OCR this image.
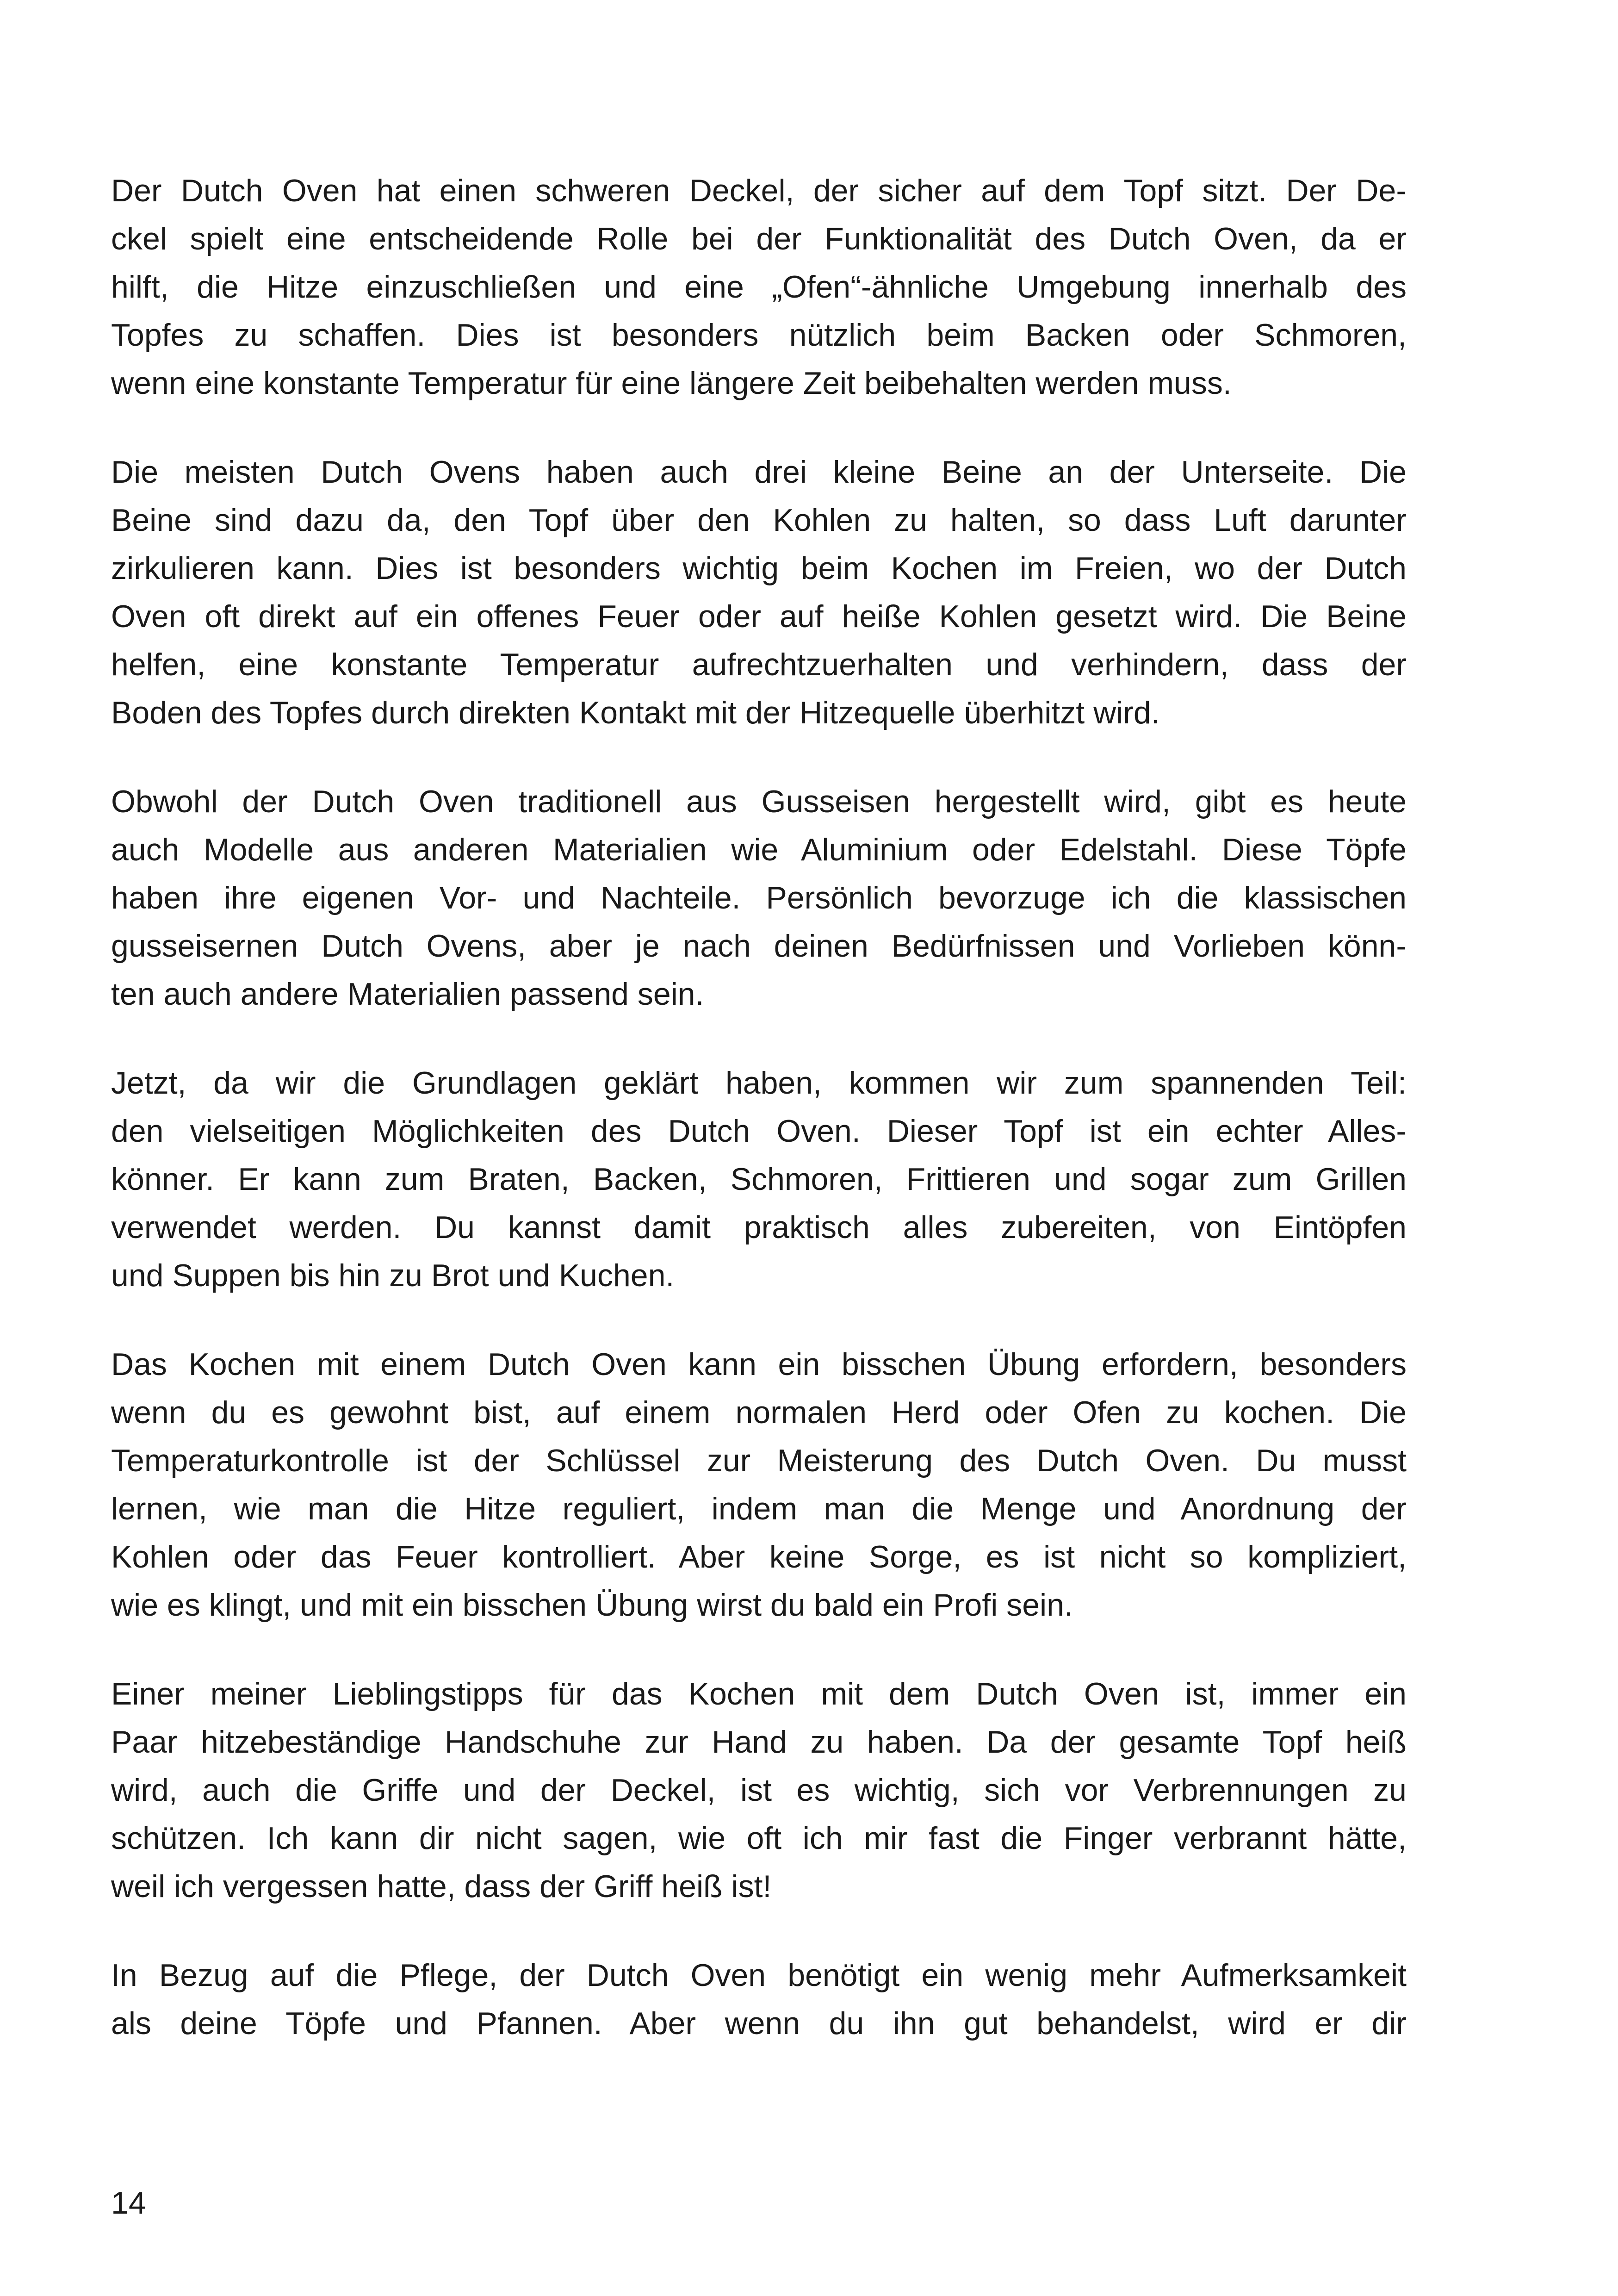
Der Dutch Oven hat einen schweren Deckel, der sicher auf dem Topf sitzt. Der De-
ckel spielt eine entscheidende Rolle bei der Funktionalität des Dutch Oven, da er
hilft, die Hitze einzuschließen und eine „Ofen“-ähnliche Umgebung innerhalb des
Topfes zu schaffen. Dies ist besonders nützlich beim Backen oder Schmoren,
wenn eine konstante Temperatur für eine längere Zeit beibehalten werden muss.

Die meisten Dutch Ovens haben auch drei kleine Beine an der Unterseite. Die
Beine sind dazu da, den Topf über den Kohlen zu halten, so dass Luft darunter
zirkulieren kann. Dies ist besonders wichtig beim Kochen im Freien, wo der Dutch
Oven oft direkt auf ein offenes Feuer oder auf heiße Kohlen gesetzt wird. Die Beine
helfen, eine konstante Temperatur aufrechtzuerhalten und verhindern, dass der
Boden des Topfes durch direkten Kontakt mit der Hitzequelle überhitzt wird.

Obwohl der Dutch Oven traditionell aus Gusseisen hergestellt wird, gibt es heute
auch Modelle aus anderen Materialien wie Aluminium oder Edelstahl. Diese Töpfe
haben ihre eigenen Vor- und Nachteile. Persönlich bevorzuge ich die klassischen
gusseisernen Dutch Ovens, aber je nach deinen Bedürfnissen und Vorlieben könn-
ten auch andere Materialien passend sein.

Jetzt, da wir die Grundlagen geklärt haben, kommen wir zum spannenden Teil:
den vielseitigen Möglichkeiten des Dutch Oven. Dieser Topf ist ein echter Alles-
könner. Er kann zum Braten, Backen, Schmoren, Frittieren und sogar zum Grillen
verwendet werden. Du kannst damit praktisch alles zubereiten, von Eintöpfen
und Suppen bis hin zu Brot und Kuchen.

Das Kochen mit einem Dutch Oven kann ein bisschen Übung erfordern, besonders
wenn du es gewohnt bist, auf einem normalen Herd oder Ofen zu kochen. Die
Temperaturkontrolle ist der Schlüssel zur Meisterung des Dutch Oven. Du musst
lernen, wie man die Hitze reguliert, indem man die Menge und Anordnung der
Kohlen oder das Feuer kontrolliert. Aber keine Sorge, es ist nicht so kompliziert,
wie es klingt, und mit ein bisschen Übung wirst du bald ein Profi sein.

Einer meiner Lieblingstipps für das Kochen mit dem Dutch Oven ist, immer ein
Paar hitzebeständige Handschuhe zur Hand zu haben. Da der gesamte Topf heiß
wird, auch die Griffe und der Deckel, ist es wichtig, sich vor Verbrennungen zu
schützen. Ich kann dir nicht sagen, wie oft ich mir fast die Finger verbrannt hätte,
weil ich vergessen hatte, dass der Griff heiß ist!

In Bezug auf die Pflege, der Dutch Oven benötigt ein wenig mehr Aufmerksamkeit
als deine Töpfe und Pfannen. Aber wenn du ihn gut behandelst, wird er dir

14
